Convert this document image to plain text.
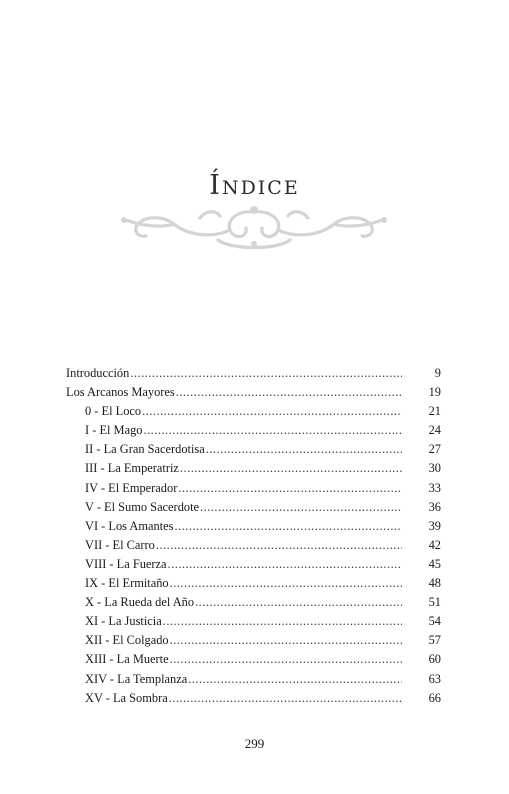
Índice
Introducción .....	9
Los Arcanos Mayores .....	19
0 - El Loco .....	21
I - El Mago .....	24
II - La Gran Sacerdotisa .....	27
III - La Emperatriz .....	30
IV - El Emperador .....	33
V - El Sumo Sacerdote .....	36
VI - Los Amantes .....	39
VII - El Carro .....	42
VIII - La Fuerza .....	45
IX - El Ermitaño .....	48
X - La Rueda del Año .....	51
XI - La Justicia .....	54
XII - El Colgado .....	57
XIII - La Muerte .....	60
XIV - La Templanza .....	63
XV - La Sombra .....	66
299
